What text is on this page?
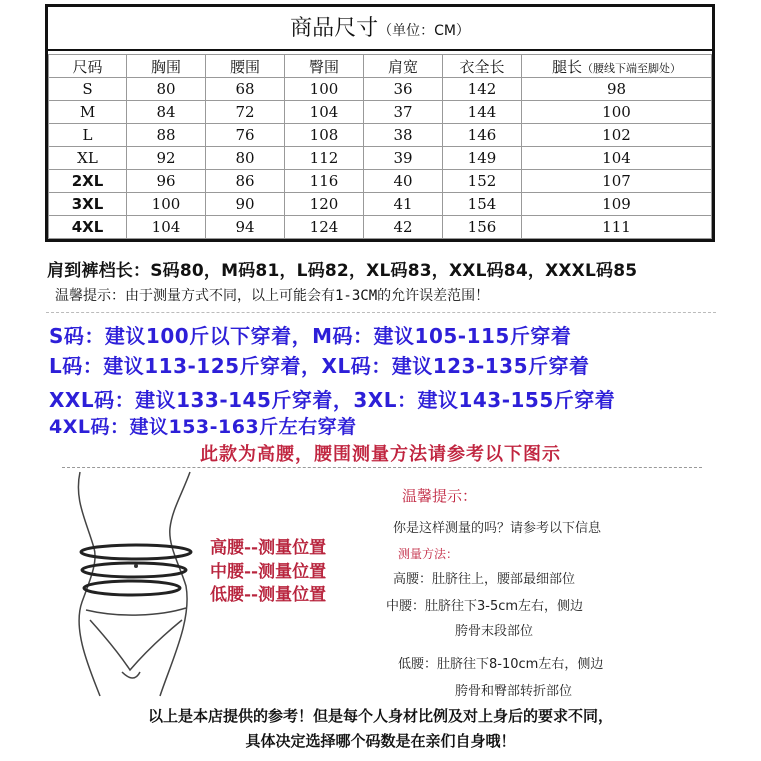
商品尺寸（单位：CM）
尺码	胸围	腰围	臀围	肩宽	衣全长	腿长（腰线下端至脚处）
S	80	68	100	36	142	98
M	84	72	104	37	144	100
L	88	76	108	38	146	102
XL	92	80	112	39	149	104
2XL	96	86	116	40	152	107
3XL	100	90	120	41	154	109
4XL	104	94	124	42	156	111
肩到裤档长：S码80，M码81，L码82，XL码83，XXL码84，XXXL码85
温馨提示：由于测量方式不同，以上可能会有1-3CM的允许误差范围！
S码：建议100斤以下穿着，M码：建议105-115斤穿着
L码：建议113-125斤穿着，XL码：建议123-135斤穿着
XXL码：建议133-145斤穿着，3XL：建议143-155斤穿着
4XL码：建议153-163斤左右穿着
此款为高腰，腰围测量方法请参考以下图示
高腰--测量位置
中腰--测量位置
低腰--测量位置
温馨提示：
你是这样测量的吗？请参考以下信息
测量方法：
高腰：肚脐往上，腰部最细部位
中腰：肚脐往下3-5cm左右，侧边
胯骨末段部位
低腰：肚脐往下8-10cm左右，侧边
胯骨和臀部转折部位
以上是本店提供的参考！但是每个人身材比例及对上身后的要求不同，
具体决定选择哪个码数是在亲们自身哦！
